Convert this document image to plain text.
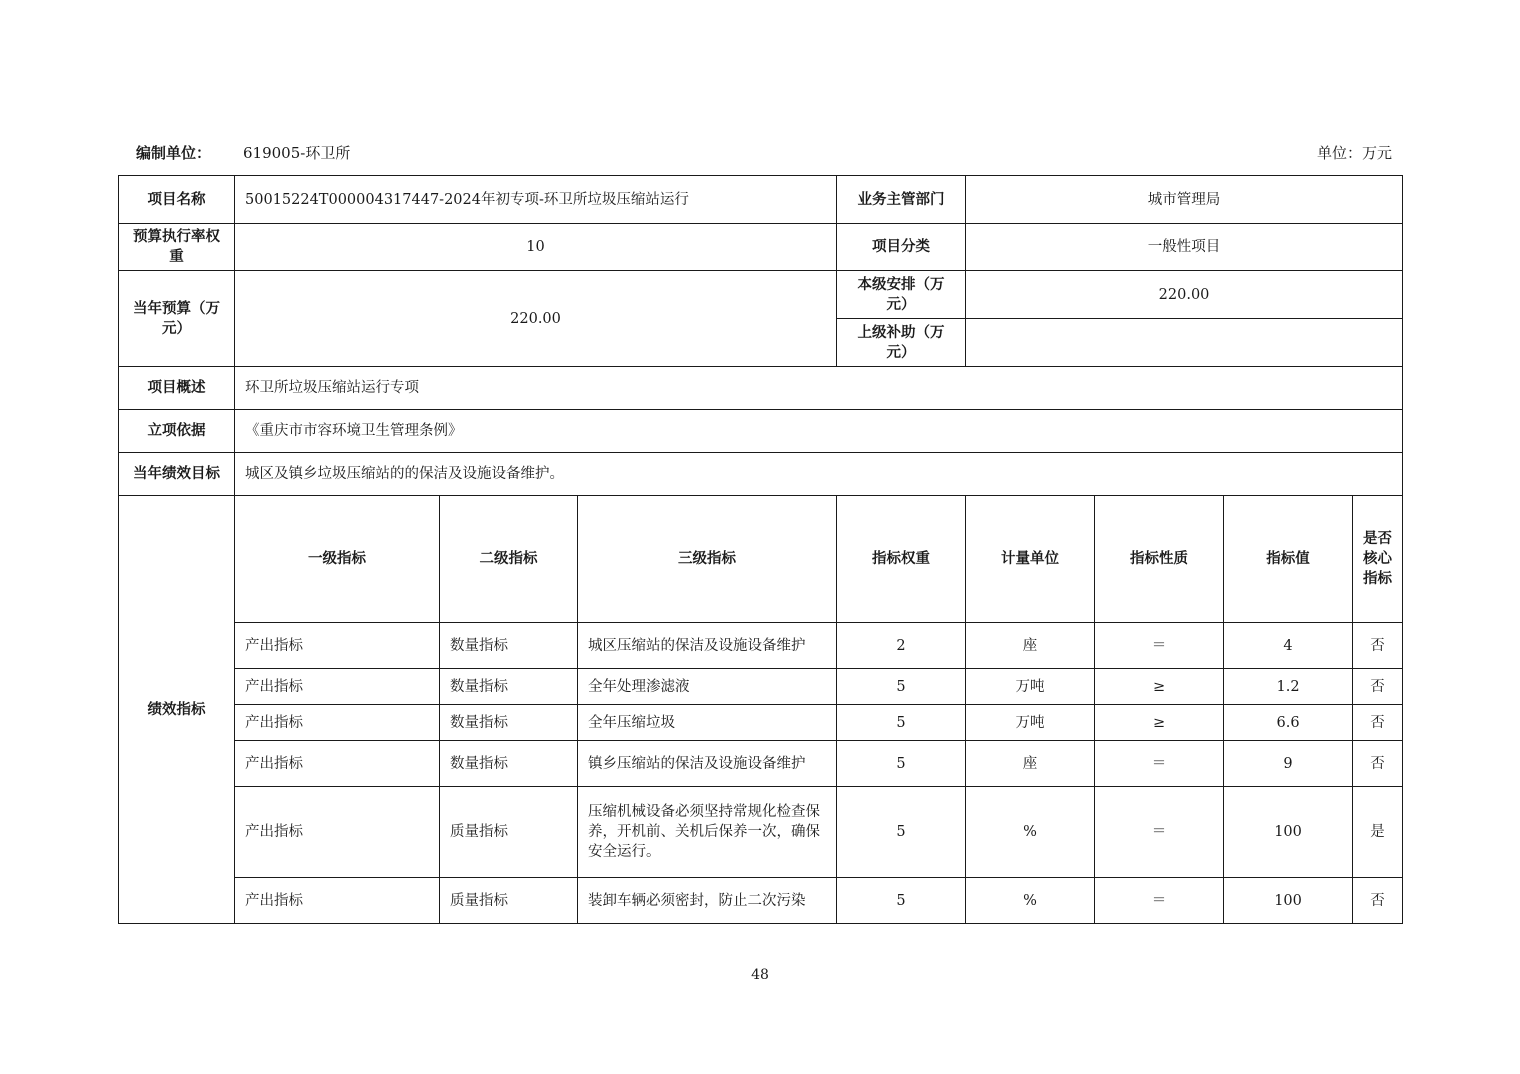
编制单位： 619005-环卫所	单位：万元
项目名称	50015224T000004317447-2024年初专项-环卫所垃圾压缩站运行			业务主管部门	城市管理局			
预算执行率权重	10			项目分类	一般性项目			
当年预算（万元）	220.00			本级安排（万元）	220.00			
				上级补助（万元）				
项目概述	环卫所垃圾压缩站运行专项							
立项依据	《重庆市市容环境卫生管理条例》							
当年绩效目标	城区及镇乡垃圾压缩站的的保洁及设施设备维护。							
绩效指标	一级指标	二级指标	三级指标	指标权重	计量单位	指标性质	指标值	是否核心指标
	产出指标	数量指标	城区压缩站的保洁及设施设备维护	2	座	＝	4	否
	产出指标	数量指标	全年处理渗滤液	5	万吨	≥	1.2	否
	产出指标	数量指标	全年压缩垃圾	5	万吨	≥	6.6	否
	产出指标	数量指标	镇乡压缩站的保洁及设施设备维护	5	座	＝	9	否
	产出指标	质量指标	压缩机械设备必须坚持常规化检查保养，开机前、关机后保养一次，确保安全运行。	5	%	＝	100	是
	产出指标	质量指标	装卸车辆必须密封，防止二次污染	5	%	＝	100	否
48
